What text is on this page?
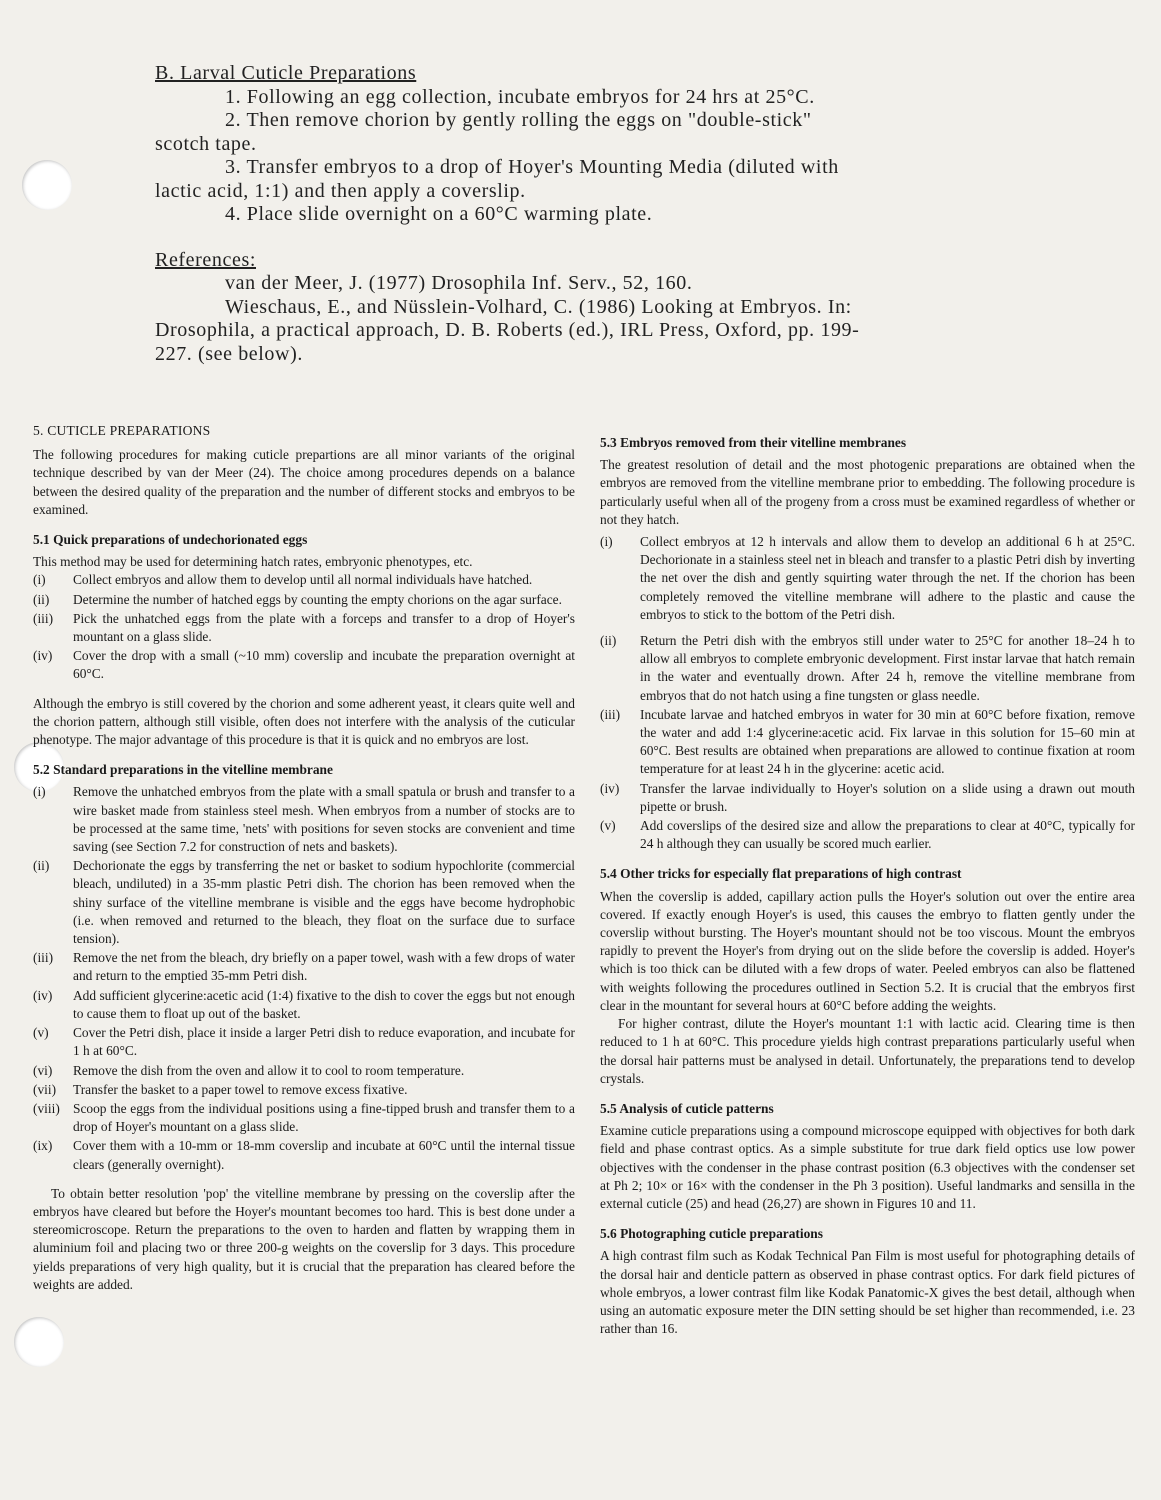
B. Larval Cuticle Preparations

1. Following an egg collection, incubate embryos for 24 hrs at 25°C.

2. Then remove chorion by gently rolling the eggs on "double-stick"

scotch tape.

3. Transfer embryos to a drop of Hoyer's Mounting Media (diluted with

lactic acid, 1:1) and then apply a coverslip.

4. Place slide overnight on a 60°C warming plate.

References:

van der Meer, J. (1977) Drosophila Inf. Serv., 52, 160.

Wieschaus, E., and Nüsslein-Volhard, C. (1986) Looking at Embryos. In:

Drosophila, a practical approach, D. B. Roberts (ed.), IRL Press, Oxford, pp. 199-

227. (see below).

5. CUTICLE PREPARATIONS

The following procedures for making cuticle prepartions are all minor variants of the original technique described by van der Meer (24). The choice among procedures depends on a balance between the desired quality of the preparation and the number of different stocks and embryos to be examined.

5.1 Quick preparations of undechorionated eggs

This method may be used for determining hatch rates, embryonic phenotypes, etc.

(i)	Collect embryos and allow them to develop until all normal individuals have hatched.
(ii)	Determine the number of hatched eggs by counting the empty chorions on the agar surface.
(iii)	Pick the unhatched eggs from the plate with a forceps and transfer to a drop of Hoyer's mountant on a glass slide.
(iv)	Cover the drop with a small (~10 mm) coverslip and incubate the preparation overnight at 60°C.

Although the embryo is still covered by the chorion and some adherent yeast, it clears quite well and the chorion pattern, although still visible, often does not interfere with the analysis of the cuticular phenotype. The major advantage of this procedure is that it is quick and no embryos are lost.

5.2 Standard preparations in the vitelline membrane

(i)	Remove the unhatched embryos from the plate with a small spatula or brush and transfer to a wire basket made from stainless steel mesh. When embryos from a number of stocks are to be processed at the same time, 'nets' with positions for seven stocks are convenient and time saving (see Section 7.2 for construction of nets and baskets).
(ii)	Dechorionate the eggs by transferring the net or basket to sodium hypochlorite (commercial bleach, undiluted) in a 35-mm plastic Petri dish. The chorion has been removed when the shiny surface of the vitelline membrane is visible and the eggs have become hydrophobic (i.e. when removed and returned to the bleach, they float on the surface due to surface tension).
(iii)	Remove the net from the bleach, dry briefly on a paper towel, wash with a few drops of water and return to the emptied 35-mm Petri dish.
(iv)	Add sufficient glycerine:acetic acid (1:4) fixative to the dish to cover the eggs but not enough to cause them to float up out of the basket.
(v)	Cover the Petri dish, place it inside a larger Petri dish to reduce evaporation, and incubate for 1 h at 60°C.
(vi)	Remove the dish from the oven and allow it to cool to room temperature.
(vii)	Transfer the basket to a paper towel to remove excess fixative.
(viii) Scoop the eggs from the individual positions using a fine-tipped brush and transfer them to a drop of Hoyer's mountant on a glass slide.
(ix)	Cover them with a 10-mm or 18-mm coverslip and incubate at 60°C until the internal tissue clears (generally overnight).

To obtain better resolution 'pop' the vitelline membrane by pressing on the coverslip after the embryos have cleared but before the Hoyer's mountant becomes too hard. This is best done under a stereomicroscope. Return the preparations to the oven to harden and flatten by wrapping them in aluminium foil and placing two or three 200-g weights on the coverslip for 3 days. This procedure yields preparations of very high quality, but it is crucial that the preparation has cleared before the weights are added.

5.3 Embryos removed from their vitelline membranes

The greatest resolution of detail and the most photogenic preparations are obtained when the embryos are removed from the vitelline membrane prior to embedding. The following procedure is particularly useful when all of the progeny from a cross must be examined regardless of whether or not they hatch.

(i)	Collect embryos at 12 h intervals and allow them to develop an additional 6 h at 25°C. Dechorionate in a stainless steel net in bleach and transfer to a plastic Petri dish by inverting the net over the dish and gently squirting water through the net. If the chorion has been completely removed the vitelline membrane will adhere to the plastic and cause the embryos to stick to the bottom of the Petri dish.
(ii)	Return the Petri dish with the embryos still under water to 25°C for another 18–24 h to allow all embryos to complete embryonic development. First instar larvae that hatch remain in the water and eventually drown. After 24 h, remove the vitelline membrane from embryos that do not hatch using a fine tungsten or glass needle.
(iii)	Incubate larvae and hatched embryos in water for 30 min at 60°C before fixation, remove the water and add 1:4 glycerine:acetic acid. Fix larvae in this solution for 15–60 min at 60°C. Best results are obtained when preparations are allowed to continue fixation at room temperature for at least 24 h in the glycerine: acetic acid.
(iv)	Transfer the larvae individually to Hoyer's solution on a slide using a drawn out mouth pipette or brush.
(v)	Add coverslips of the desired size and allow the preparations to clear at 40°C, typically for 24 h although they can usually be scored much earlier.

5.4 Other tricks for especially flat preparations of high contrast

When the coverslip is added, capillary action pulls the Hoyer's solution out over the entire area covered. If exactly enough Hoyer's is used, this causes the embryo to flatten gently under the coverslip without bursting. The Hoyer's mountant should not be too viscous. Mount the embryos rapidly to prevent the Hoyer's from drying out on the slide before the coverslip is added. Hoyer's which is too thick can be diluted with a few drops of water. Peeled embryos can also be flattened with weights following the procedures outlined in Section 5.2. It is crucial that the embryos first clear in the mountant for several hours at 60°C before adding the weights.

For higher contrast, dilute the Hoyer's mountant 1:1 with lactic acid. Clearing time is then reduced to 1 h at 60°C. This procedure yields high contrast preparations particularly useful when the dorsal hair patterns must be analysed in detail. Unfortunately, the preparations tend to develop crystals.

5.5 Analysis of cuticle patterns

Examine cuticle preparations using a compound microscope equipped with objectives for both dark field and phase contrast optics. As a simple substitute for true dark field optics use low power objectives with the condenser in the phase contrast position (6.3 objectives with the condenser set at Ph 2; 10× or 16× with the condenser in the Ph 3 position). Useful landmarks and sensilla in the external cuticle (25) and head (26,27) are shown in Figures 10 and 11.

5.6 Photographing cuticle preparations

A high contrast film such as Kodak Technical Pan Film is most useful for photographing details of the dorsal hair and denticle pattern as observed in phase contrast optics. For dark field pictures of whole embryos, a lower contrast film like Kodak Panatomic-X gives the best detail, although when using an automatic exposure meter the DIN setting should be set higher than recommended, i.e. 23 rather than 16.
